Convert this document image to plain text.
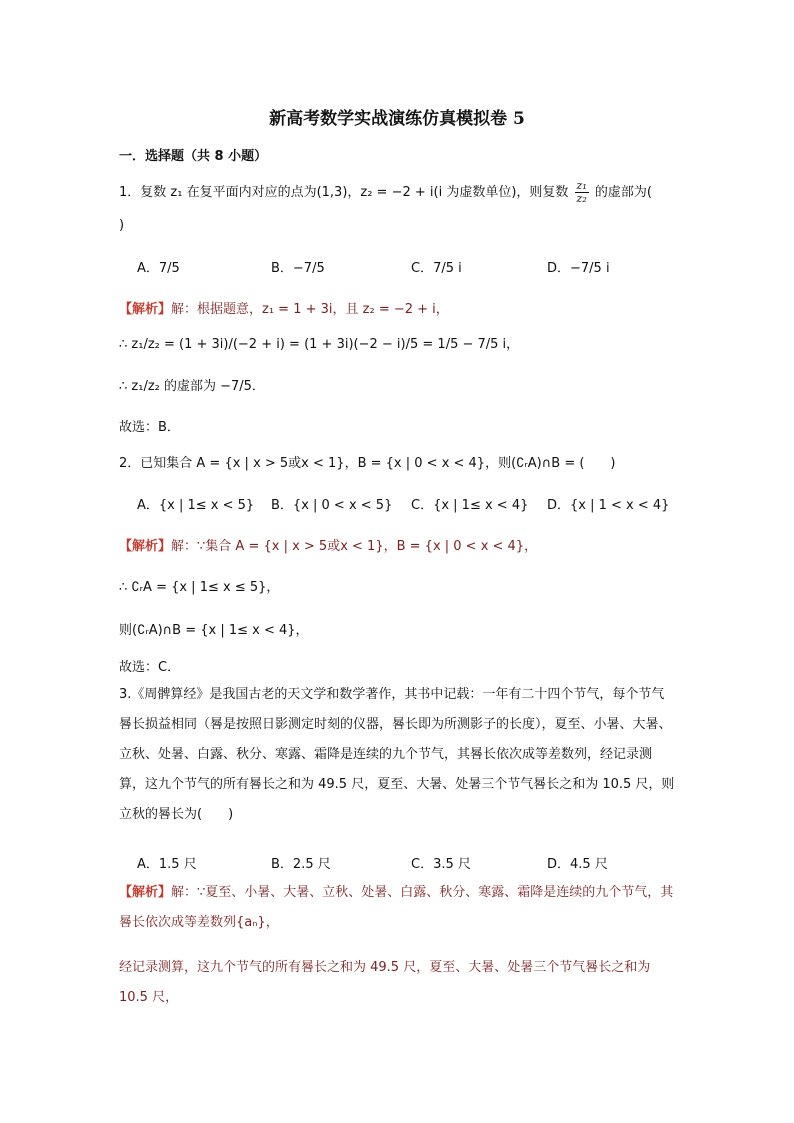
新高考数学实战演练仿真模拟卷 5
一．选择题（共 8 小题）
1．复数 z₁ 在复平面内对应的点为(1,3)，z₂ = −2 + i(i 为虚数单位)，则复数 $\frac{\text{z₁}}{\text{z₂}}$ 的虚部为(
)
A．7/5	B．−7/5	C．7/5 i	D．−7/5 i
【解析】解：根据题意，z₁ = 1 + 3i，且 z₂ = −2 + i，
∴ z₁/z₂ = (1 + 3i)/(−2 + i) = (1 + 3i)(−2 − i)/5 = 1/5 − 7/5 i，
∴ z₁/z₂ 的虚部为 −7/5．
故选：B．
2．已知集合 A = {x | x > 5或x < 1}，B = {x | 0 < x < 4}，则(∁ᵣA)∩B = (　　)
A．{x | 1≤ x < 5} B．{x | 0 < x < 5} C．{x | 1≤ x < 4} D．{x | 1 < x < 4}
【解析】解：∵集合 A = {x | x > 5或x < 1}，B = {x | 0 < x < 4}，
∴ ∁ᵣA = {x | 1≤ x ≤ 5}，
则(∁ᵣA)∩B = {x | 1≤ x < 4}，
故选：C．
3.《周髀算经》是我国古老的天文学和数学著作，其书中记载：一年有二十四个节气，每个节气晷长损益相同（晷是按照日影测定时刻的仪器，晷长即为所测影子的长度），夏至、小暑、大暑、立秋、处暑、白露、秋分、寒露、霜降是连续的九个节气，其晷长依次成等差数列，经记录测算，这九个节气的所有晷长之和为 49.5 尺，夏至、大暑、处暑三个节气晷长之和为 10.5 尺，则立秋的晷长为(　　)
A．1.5 尺	B．2.5 尺	C．3.5 尺	D．4.5 尺
【解析】解：∵夏至、小暑、大暑、立秋、处暑、白露、秋分、寒露、霜降是连续的九个节气，其晷长依次成等差数列{aₙ}，
经记录测算，这九个节气的所有晷长之和为 49.5 尺，夏至、大暑、处暑三个节气晷长之和为 10.5 尺，
